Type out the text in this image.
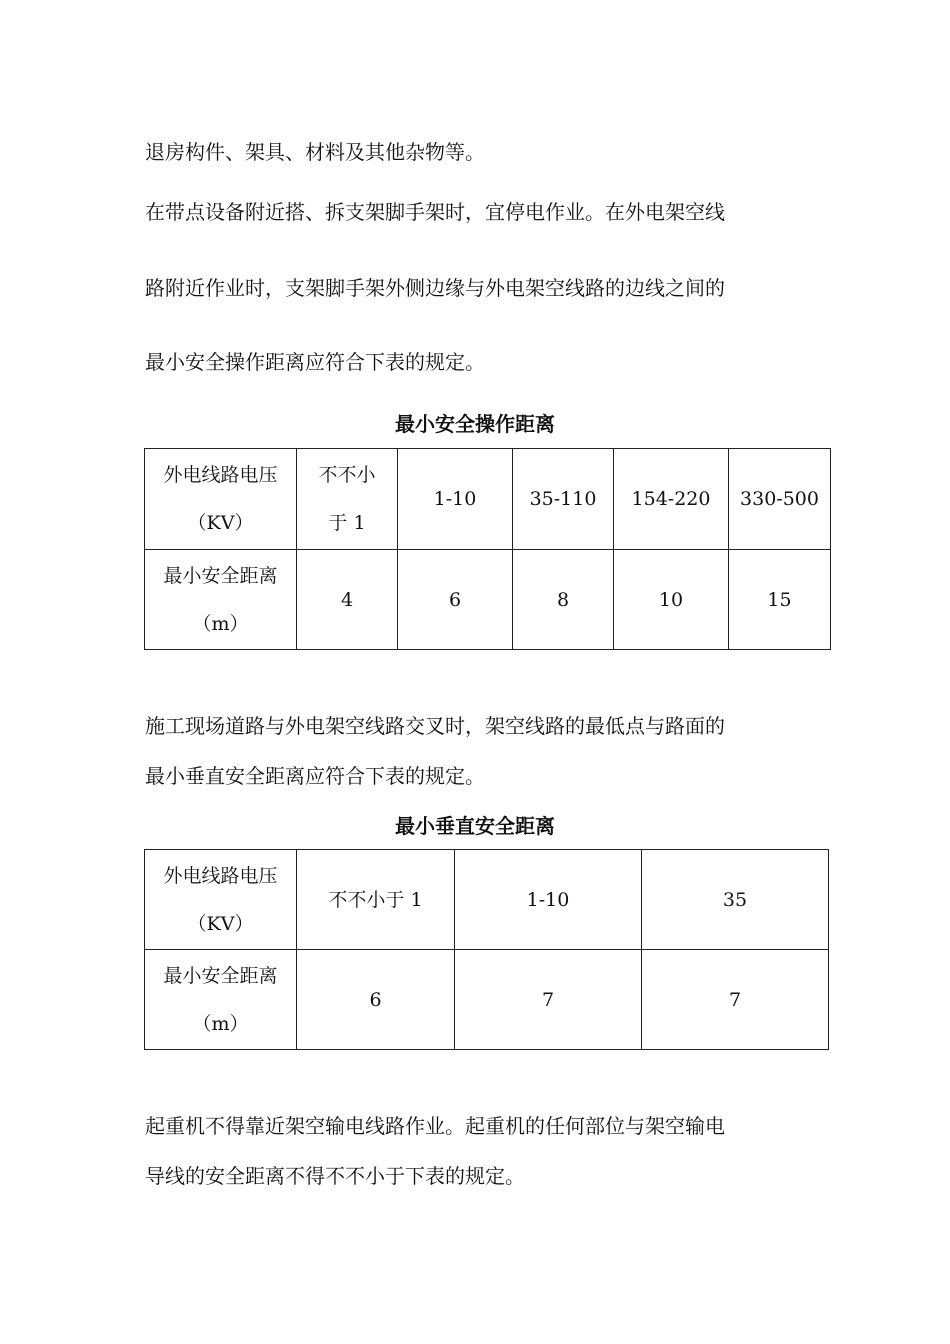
退房构件、架具、材料及其他杂物等。

在带点设备附近搭、拆支架脚手架时，宜停电作业。在外电架空线

路附近作业时，支架脚手架外侧边缘与外电架空线路的边线之间的

最小安全操作距离应符合下表的规定。

最小安全操作距离

外电线路电压
（KV）	不不小
于 1	1-10	35-110	154-220	330-500

最小安全距离
（m）	4	6	8	10	15

施工现场道路与外电架空线路交叉时，架空线路的最低点与路面的

最小垂直安全距离应符合下表的规定。

最小垂直安全距离

外电线路电压
（KV）	不不小于 1	1-10	35

最小安全距离
（m）	6	7	7

起重机不得靠近架空输电线路作业。起重机的任何部位与架空输电

导线的安全距离不得不不小于下表的规定。
